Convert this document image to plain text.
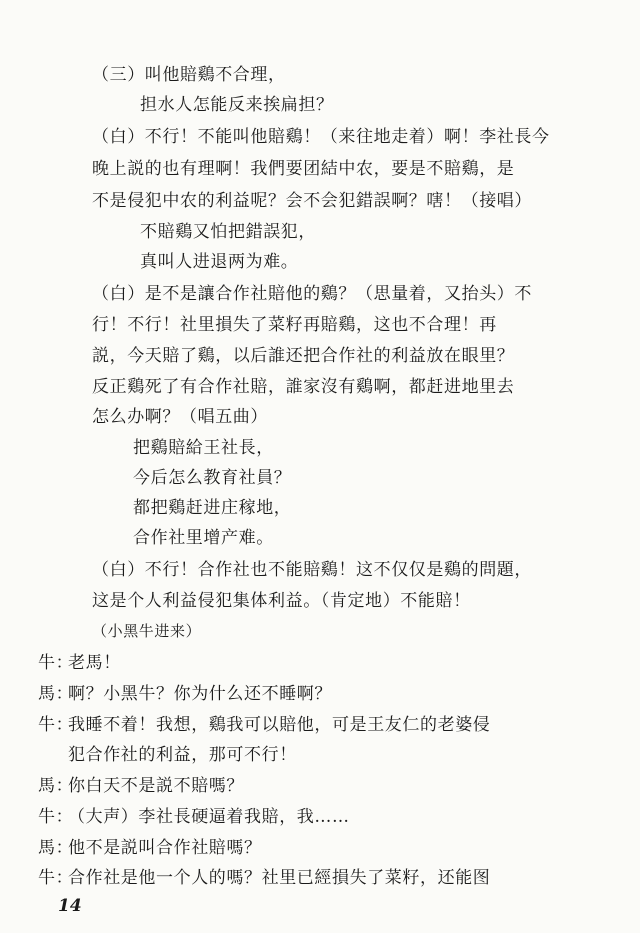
（三）叫他賠鷄不合理，
担水人怎能反来挨扁担？
（白）不行！不能叫他賠鷄！（来往地走着）啊！李社長今
晚上説的也有理啊！我們要团結中农，要是不賠鷄，是
不是侵犯中农的利益呢？会不会犯錯誤啊？嗐！（接唱）
不賠鷄又怕把錯誤犯，
真叫人进退两为难。
（白）是不是讓合作社賠他的鷄？（思量着，又抬头）不
行！不行！社里損失了菜籽再賠鷄，这也不合理！再
説，今天賠了鷄，以后誰还把合作社的利益放在眼里？
反正鷄死了有合作社賠，誰家沒有鷄啊，都赶进地里去
怎么办啊？（唱五曲）
把鷄賠給王社長，
今后怎么教育社員？
都把鷄赶进庄稼地，
合作社里增产难。
（白）不行！合作社也不能賠鷄！这不仅仅是鷄的問題，
这是个人利益侵犯集体利益。（肯定地）不能賠！
（小黑牛进来）
牛：老馬！
馬：啊？小黑牛？你为什么还不睡啊？
牛：我睡不着！我想，鷄我可以賠他，可是王友仁的老婆侵
犯合作社的利益，那可不行！
馬：你白天不是説不賠嗎？
牛：（大声）李社長硬逼着我賠，我……
馬：他不是説叫合作社賠嗎？
牛：合作社是他一个人的嗎？社里已經損失了菜籽，还能图
14
